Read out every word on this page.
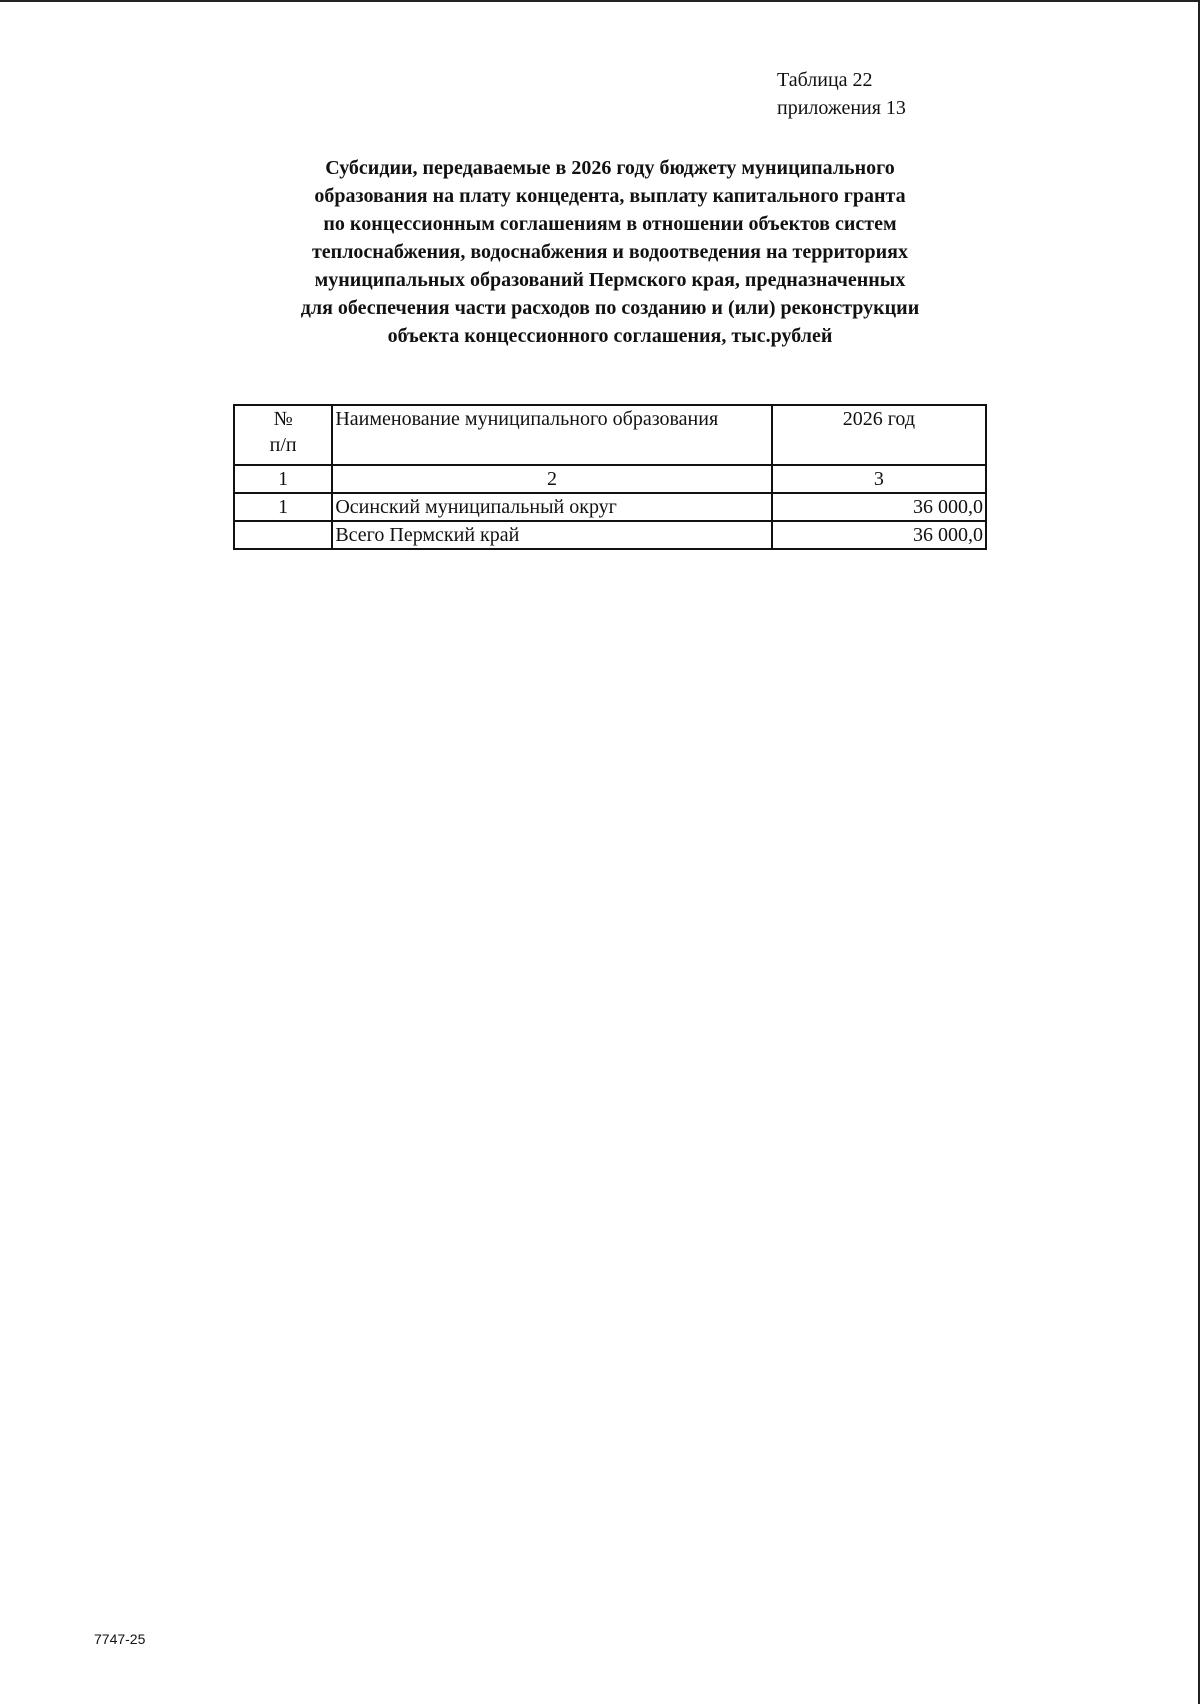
Таблица 22
приложения 13
Субсидии, передаваемые в 2026 году бюджету муниципального
образования на плату концедента, выплату капитального гранта
по концессионным соглашениям в отношении объектов систем
теплоснабжения, водоснабжения и водоотведения на территориях
муниципальных образований Пермского края, предназначенных
для обеспечения части расходов по созданию и (или) реконструкции
объекта концессионного соглашения, тыс.рублей
№
п/п	Наименование муниципального образования	2026 год
1	2	3
1	Осинский муниципальный округ	36 000,0
	Всего Пермский край	36 000,0
7747-25
